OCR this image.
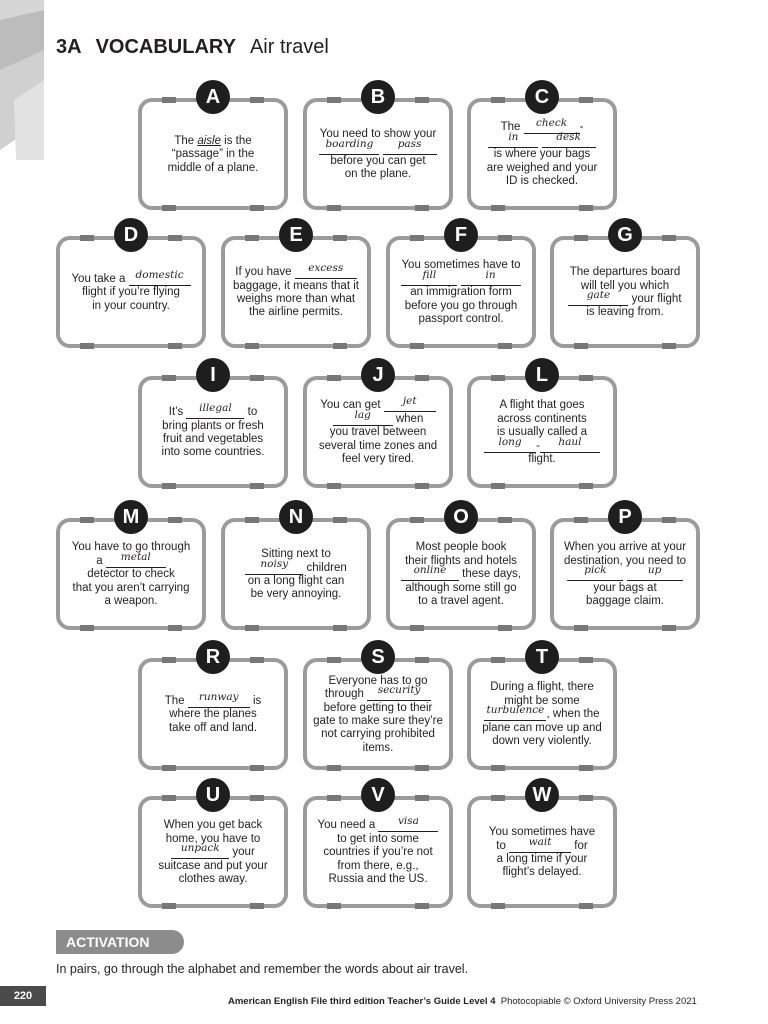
3A VOCABULARY Air travel
A
The aisle is the
“passage” in the
middle of a plane.
B
You need to show your
boarding pass
before you can get
on the plane.
C
The check -
in	desk
is where your bags
are weighed and your
ID is checked.
D
You take a domestic
flight if you’re flying
in your country.
E
If you have excess
baggage, it means that it
weighs more than what
the airline permits.
F
You sometimes have to
fill	in
an immigration form
before you go through
passport control.
G
The departures board
will tell you which
gate your flight
is leaving from.
I
It’s illegal to
bring plants or fresh
fruit and vegetables
into some countries.
J
You can get jet
lag when
you travel between
several time zones and
feel very tired.
L
A flight that goes
across continents
is usually called a
long - haul
flight.
M
You have to go through
a metal
detector to check
that you aren’t carrying
a weapon.
N
Sitting next to
noisy children
on a long flight can
be very annoying.
O
Most people book
their flights and hotels
online these days,
although some still go
to a travel agent.
P
When you arrive at your
destination, you need to
pick	up
your bags at
baggage claim.
R
The runway is
where the planes
take off and land.
S
Everyone has to go
through security
before getting to their
gate to make sure they’re
not carrying prohibited
items.
T
During a flight, there
might be some
turbulence , when the
plane can move up and
down very violently.
U
When you get back
home, you have to
unpack your
suitcase and put your
clothes away.
V
You need a visa
to get into some
countries if you’re not
from there, e.g.,
Russia and the US.
W
You sometimes have
to wait for
a long time if your
flight’s delayed.
ACTIVATION
In pairs, go through the alphabet and remember the words about air travel.
220	American English File third edition Teacher’s Guide Level 4 Photocopiable © Oxford University Press 2021
